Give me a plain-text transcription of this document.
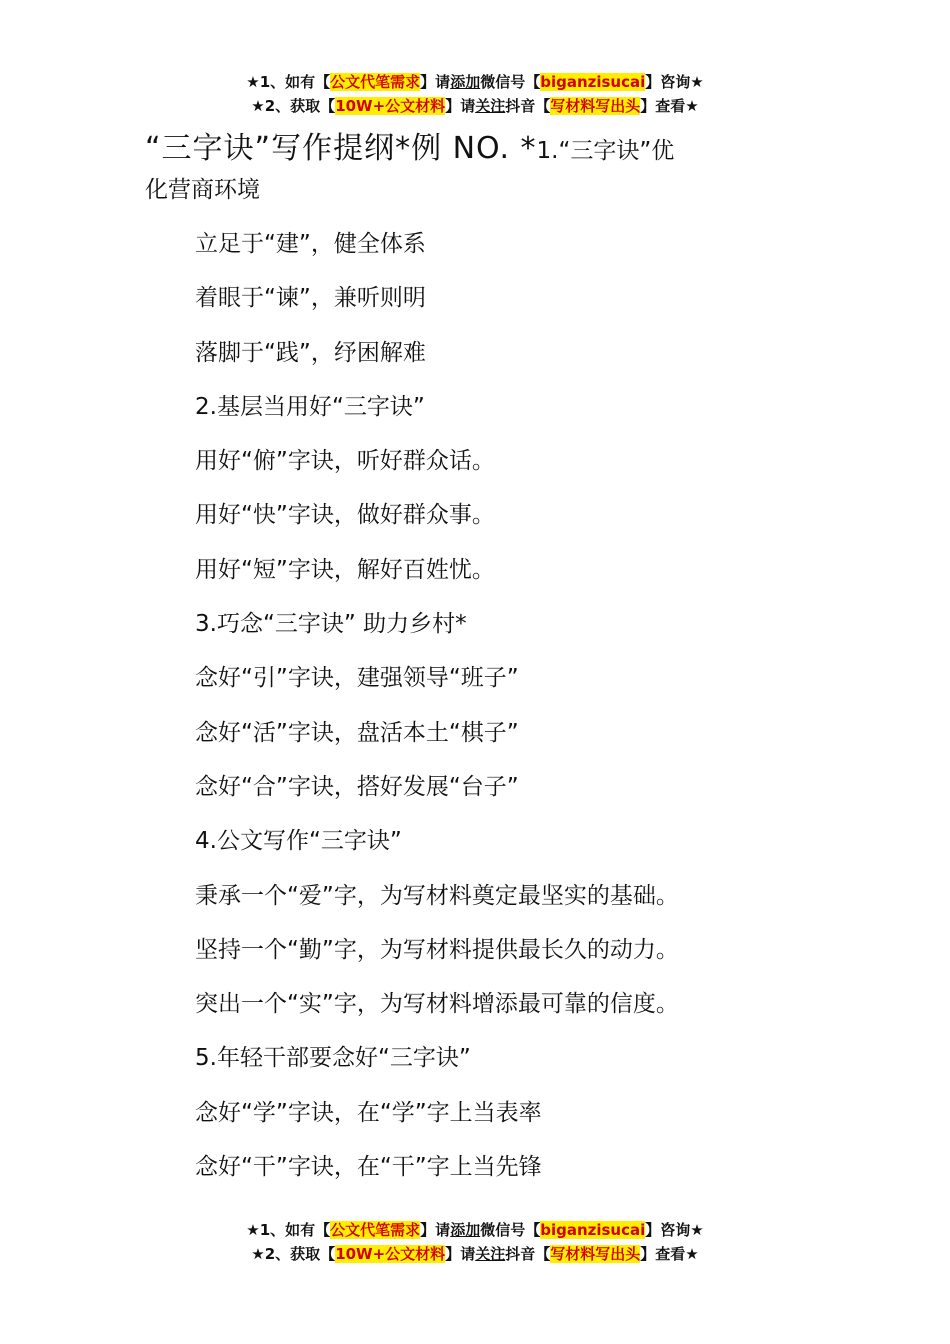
★1、如有【公文代笔需求】请添加微信号【biganzisucai】咨询★
★2、获取【10W+公文材料】请关注抖音【写材料写出头】查看★
“三字诀”写作提纲*例 NO. *1.“三字诀”优
化营商环境
立足于“建”，健全体系
着眼于“谏”，兼听则明
落脚于“践”，纾困解难
2.基层当用好“三字诀”
用好“俯”字诀，听好群众话。
用好“快”字诀，做好群众事。
用好“短”字诀，解好百姓忧。
3.巧念“三字诀” 助力乡村*
念好“引”字诀，建强领导“班子”
念好“活”字诀，盘活本土“棋子”
念好“合”字诀，搭好发展“台子”
4.公文写作“三字诀”
秉承一个“爱”字，为写材料奠定最坚实的基础。
坚持一个“勤”字，为写材料提供最长久的动力。
突出一个“实”字，为写材料增添最可靠的信度。
5.年轻干部要念好“三字诀”
念好“学”字诀，在“学”字上当表率
念好“干”字诀，在“干”字上当先锋
★1、如有【公文代笔需求】请添加微信号【biganzisucai】咨询★
★2、获取【10W+公文材料】请关注抖音【写材料写出头】查看★
